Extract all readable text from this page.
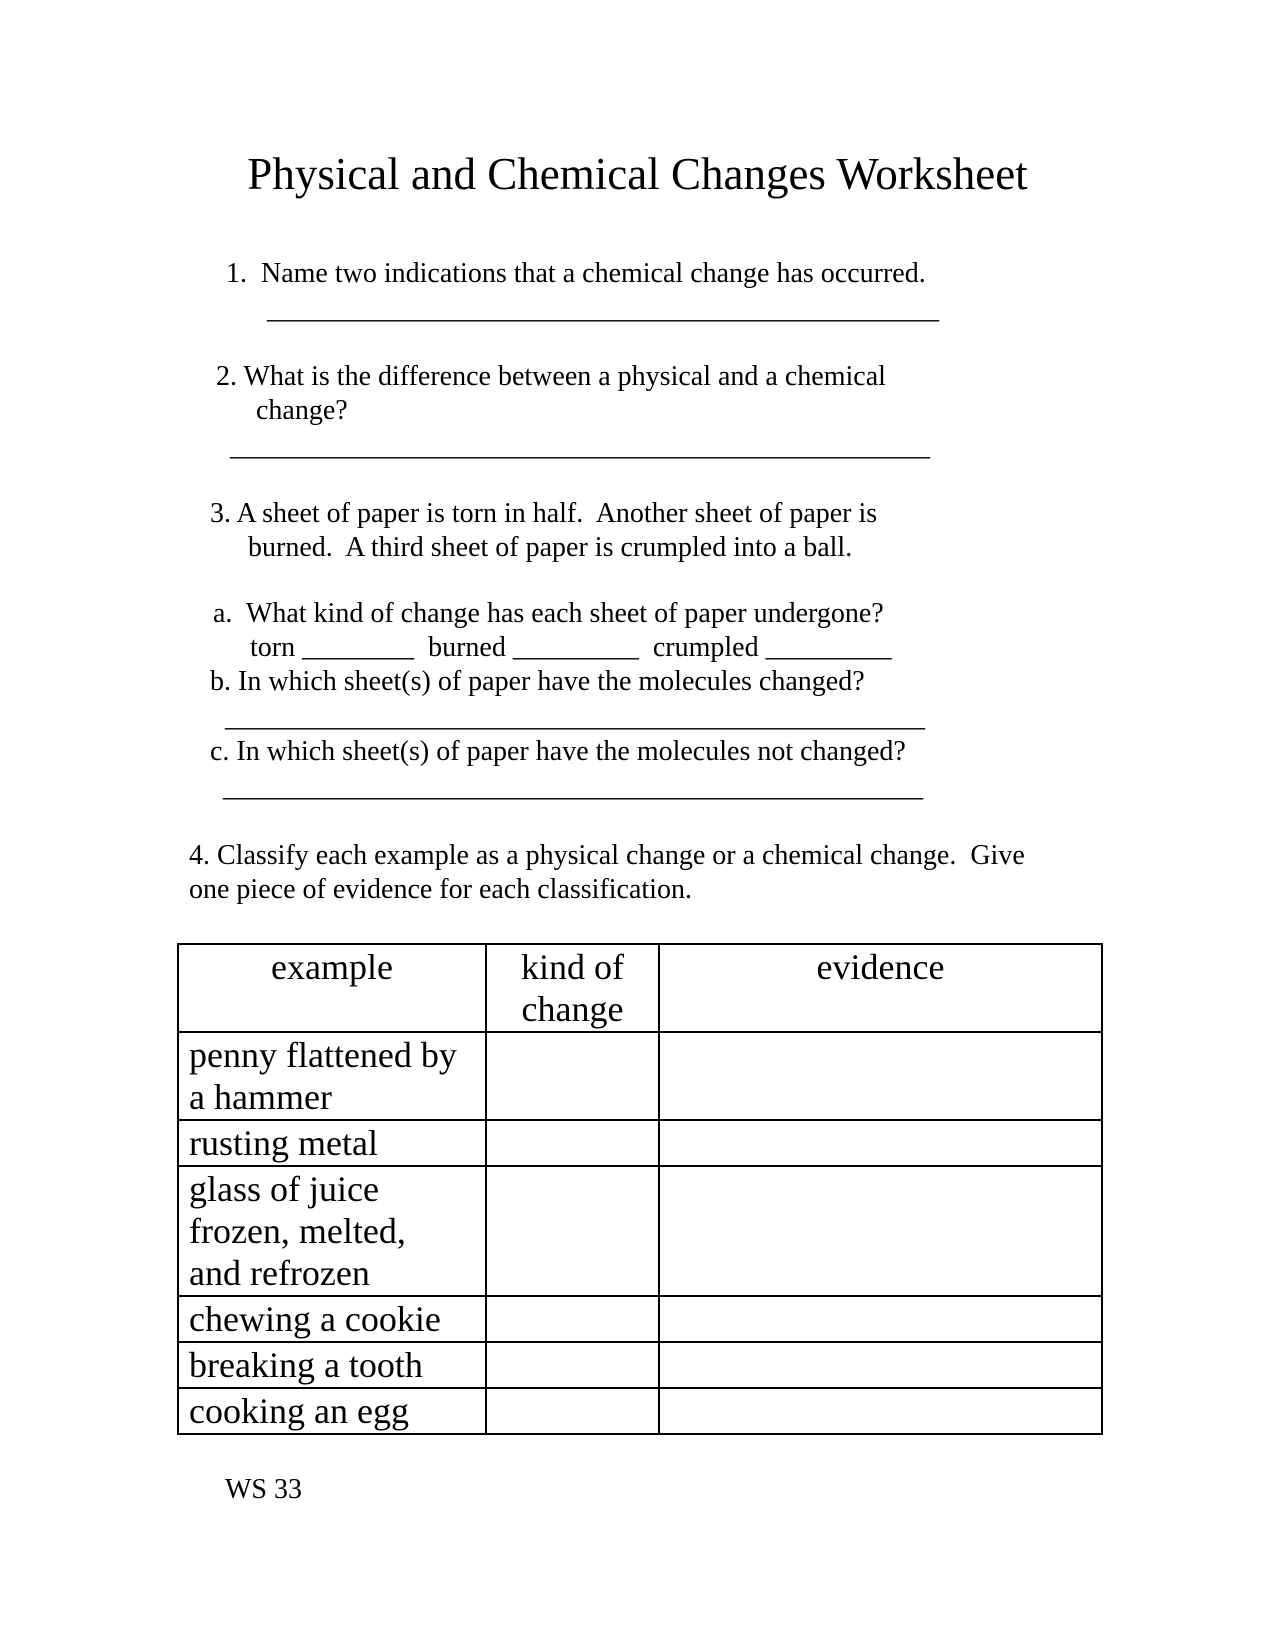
Physical and Chemical Changes Worksheet
1.  Name two indications that a chemical change has occurred.
________________________________________________
2. What is the difference between a physical and a chemical
change?
__________________________________________________
3. A sheet of paper is torn in half.  Another sheet of paper is
burned.  A third sheet of paper is crumpled into a ball.
a.  What kind of change has each sheet of paper undergone?
torn ________  burned _________  crumpled _________
b. In which sheet(s) of paper have the molecules changed?
__________________________________________________
c. In which sheet(s) of paper have the molecules not changed?
__________________________________________________
4. Classify each example as a physical change or a chemical change.  Give
one piece of evidence for each classification.
example	kind of change	evidence
penny flattened by a hammer		
rusting metal		
glass of juice frozen, melted, and refrozen		
chewing a cookie		
breaking a tooth		
cooking an egg		
WS 33
